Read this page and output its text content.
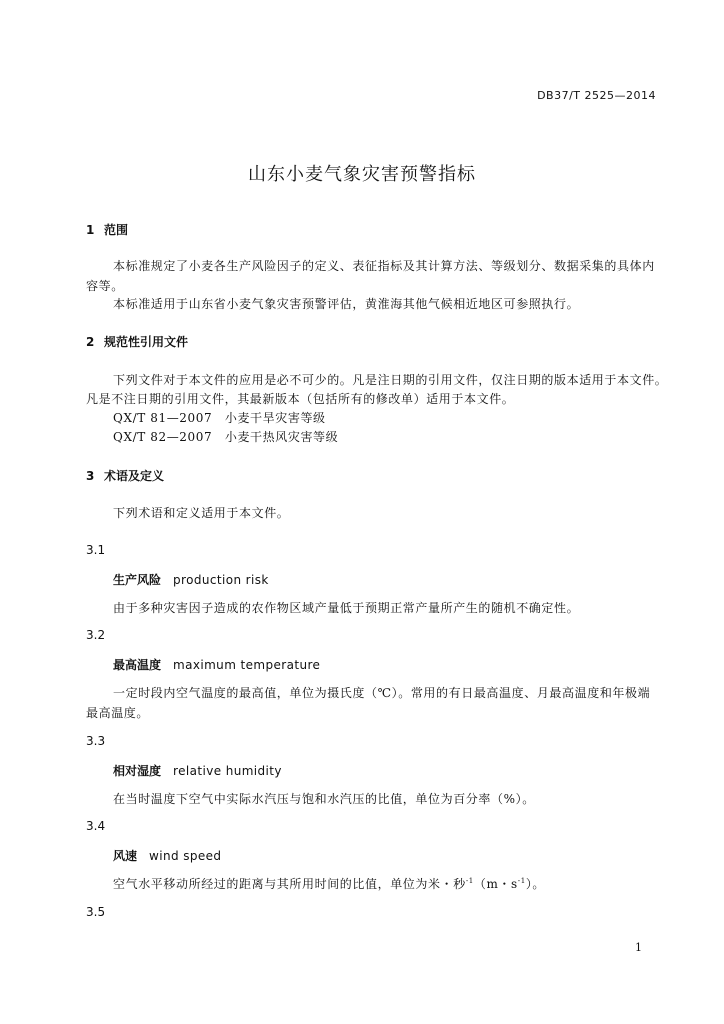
DB37/T 2525—2014
山东小麦气象灾害预警指标
1 范围
本标准规定了小麦各生产风险因子的定义、表征指标及其计算方法、等级划分、数据采集的具体内
容等。
本标准适用于山东省小麦气象灾害预警评估，黄淮海其他气候相近地区可参照执行。
2 规范性引用文件
下列文件对于本文件的应用是必不可少的。凡是注日期的引用文件，仅注日期的版本适用于本文件。
凡是不注日期的引用文件，其最新版本（包括所有的修改单）适用于本文件。
QX/T 81—2007　小麦干旱灾害等级
QX/T 82—2007　小麦干热风灾害等级
3 术语及定义
下列术语和定义适用于本文件。
3.1
生产风险 production risk
由于多种灾害因子造成的农作物区域产量低于预期正常产量所产生的随机不确定性。
3.2
最高温度 maximum temperature
一定时段内空气温度的最高值，单位为摄氏度（℃）。常用的有日最高温度、月最高温度和年极端
最高温度。
3.3
相对湿度 relative humidity
在当时温度下空气中实际水汽压与饱和水汽压的比值，单位为百分率（%）。
3.4
风速 wind speed
空气水平移动所经过的距离与其所用时间的比值，单位为米・秒$^{-1}$（m・$s^{-1}$）。
3.5
1
